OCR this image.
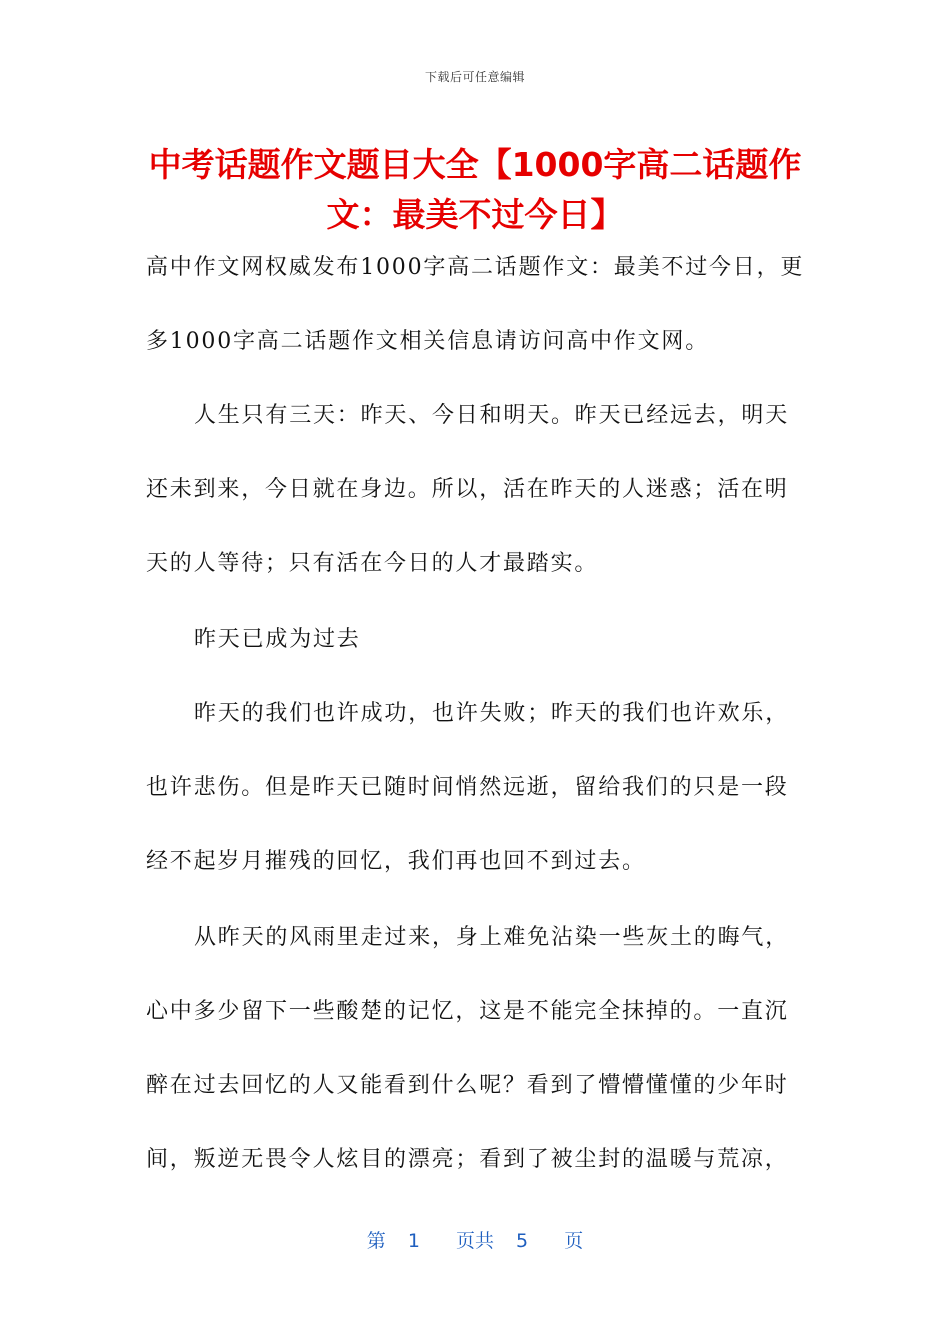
下载后可任意编辑
中考话题作文题目大全【1000字高二话题作
文：最美不过今日】
高中作文网权威发布1000字高二话题作文：最美不过今日，更
多1000字高二话题作文相关信息请访问高中作文网。
人生只有三天：昨天、今日和明天。昨天已经远去，明天
还未到来，今日就在身边。所以，活在昨天的人迷惑；活在明
天的人等待；只有活在今日的人才最踏实。
昨天已成为过去
昨天的我们也许成功，也许失败；昨天的我们也许欢乐，
也许悲伤。但是昨天已随时间悄然远逝，留给我们的只是一段
经不起岁月摧残的回忆，我们再也回不到过去。
从昨天的风雨里走过来，身上难免沾染一些灰土的晦气，
心中多少留下一些酸楚的记忆，这是不能完全抹掉的。一直沉
醉在过去回忆的人又能看到什么呢？看到了懵懵懂懂的少年时
间，叛逆无畏令人炫目的漂亮；看到了被尘封的温暖与荒凉，
第 1 页共 5 页
